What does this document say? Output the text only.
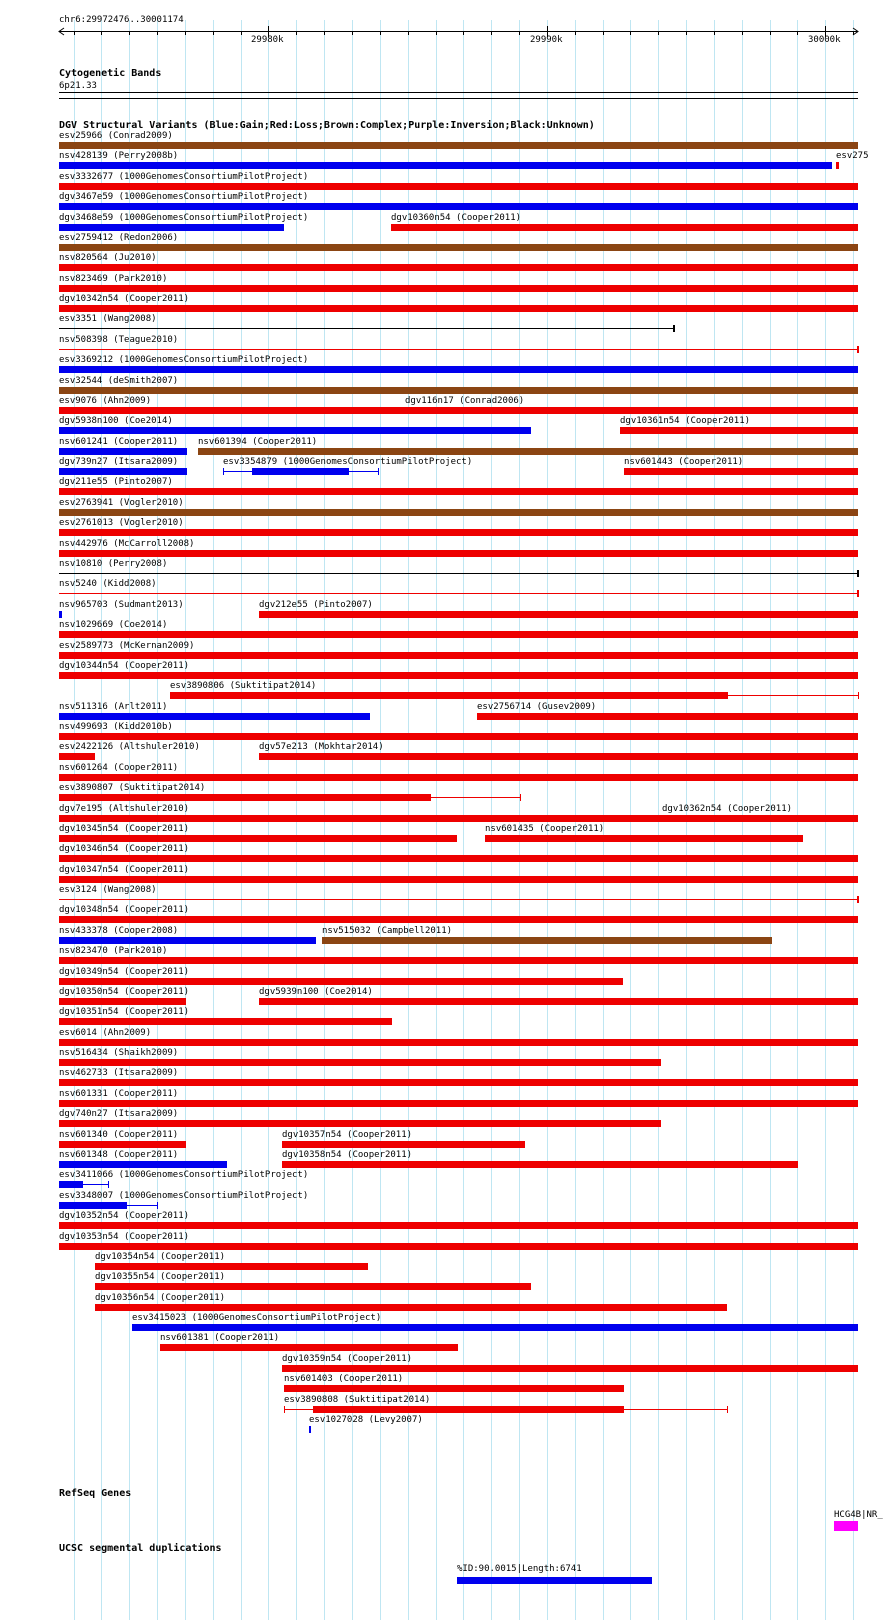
chr6:29972476..30001174
29980k	29990k	30000k
Cytogenetic Bands
6p21.33
DGV Structural Variants (Blue:Gain;Red:Loss;Brown:Complex;Purple:Inversion;Black:Unknown)
esv25966 (Conrad2009)
nsv428139 (Perry2008b)	esv275
esv3332677 (1000GenomesConsortiumPilotProject)
dgv3467e59 (1000GenomesConsortiumPilotProject)
dgv3468e59 (1000GenomesConsortiumPilotProject)	dgv10360n54 (Cooper2011)
esv2759412 (Redon2006)
nsv820564 (Ju2010)
nsv823469 (Park2010)
dgv10342n54 (Cooper2011)
esv3351 (Wang2008)
nsv508398 (Teague2010)
esv3369212 (1000GenomesConsortiumPilotProject)
esv32544 (deSmith2007)
esv9076 (Ahn2009)	dgv116n17 (Conrad2006)
dgv5938n100 (Coe2014)	dgv10361n54 (Cooper2011)
nsv601241 (Cooper2011) nsv601394 (Cooper2011)
dgv739n27 (Itsara2009)	esv3354879 (1000GenomesConsortiumPilotProject)	nsv601443 (Cooper2011)
dgv211e55 (Pinto2007)
esv2763941 (Vogler2010)
esv2761013 (Vogler2010)
nsv442976 (McCarroll2008)
nsv10810 (Perry2008)
nsv5240 (Kidd2008)
nsv965703 (Sudmant2013)	dgv212e55 (Pinto2007)
nsv1029669 (Coe2014)
esv2589773 (McKernan2009)
dgv10344n54 (Cooper2011)
esv3890806 (Suktitipat2014)
nsv511316 (Arlt2011)	esv2756714 (Gusev2009)
nsv499693 (Kidd2010b)
esv2422126 (Altshuler2010)	dgv57e213 (Mokhtar2014)
nsv601264 (Cooper2011)
esv3890807 (Suktitipat2014)
dgv7e195 (Altshuler2010)	dgv10362n54 (Cooper2011)
dgv10345n54 (Cooper2011)	nsv601435 (Cooper2011)
dgv10346n54 (Cooper2011)
dgv10347n54 (Cooper2011)
esv3124 (Wang2008)
dgv10348n54 (Cooper2011)
nsv433378 (Cooper2008)	nsv515032 (Campbell2011)
nsv823470 (Park2010)
dgv10349n54 (Cooper2011)
dgv10350n54 (Cooper2011)	dgv5939n100 (Coe2014)
dgv10351n54 (Cooper2011)
esv6014 (Ahn2009)
nsv516434 (Shaikh2009)
nsv462733 (Itsara2009)
nsv601331 (Cooper2011)
dgv740n27 (Itsara2009)
nsv601340 (Cooper2011)	dgv10357n54 (Cooper2011)
nsv601348 (Cooper2011)	dgv10358n54 (Cooper2011)
esv3411066 (1000GenomesConsortiumPilotProject)
esv3348007 (1000GenomesConsortiumPilotProject)
dgv10352n54 (Cooper2011)
dgv10353n54 (Cooper2011)
dgv10354n54 (Cooper2011)
dgv10355n54 (Cooper2011)
dgv10356n54 (Cooper2011)
esv3415023 (1000GenomesConsortiumPilotProject)
nsv601381 (Cooper2011)
dgv10359n54 (Cooper2011)
nsv601403 (Cooper2011)
esv3890808 (Suktitipat2014)
esv1027028 (Levy2007)
RefSeq Genes
HCG4B|NR_
UCSC segmental duplications
%ID:90.0015|Length:6741
